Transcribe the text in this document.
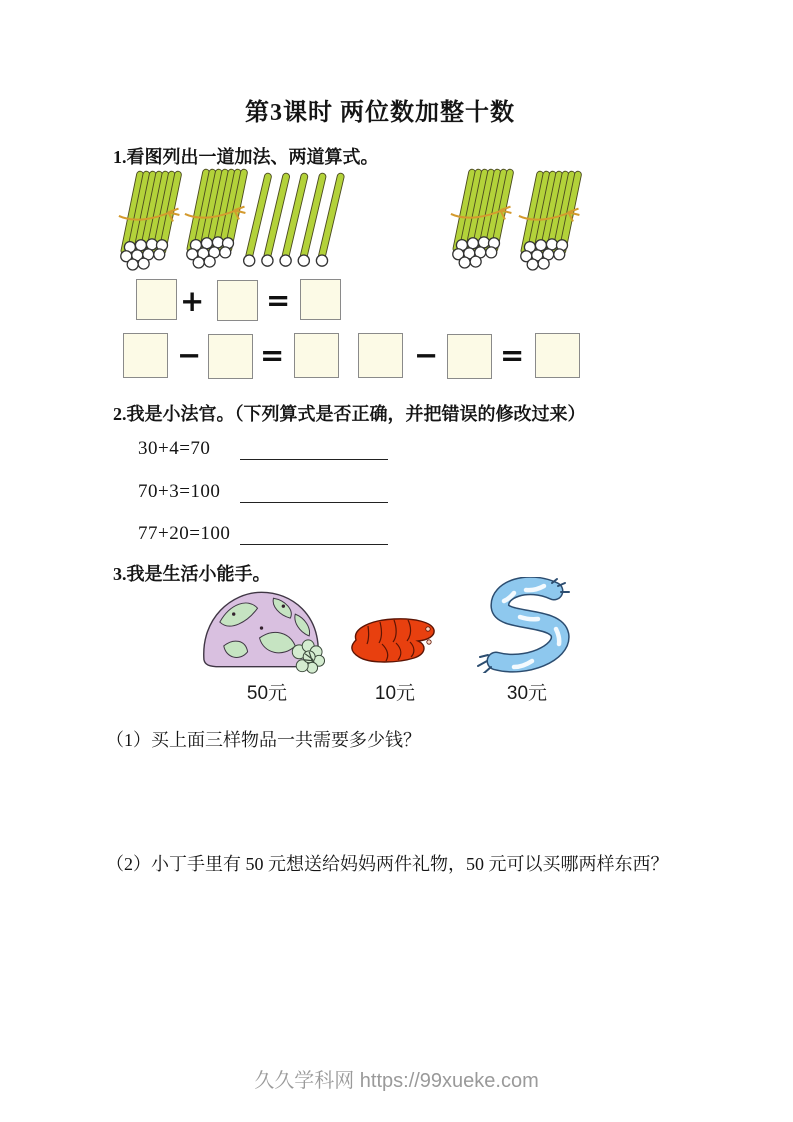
第3课时 两位数加整十数
1.看图列出一道加法、两道算式。
+ =
− =	− =
2.我是小法官。（下列算式是否正确，并把错误的修改过来）
30+4=70
70+3=100
77+20=100
3.我是生活小能手。
50元	10元	30元
（1）买上面三样物品一共需要多少钱？
（2）小丁手里有 50 元想送给妈妈两件礼物，50 元可以买哪两样东西？
久久学科网 https://99xueke.com
